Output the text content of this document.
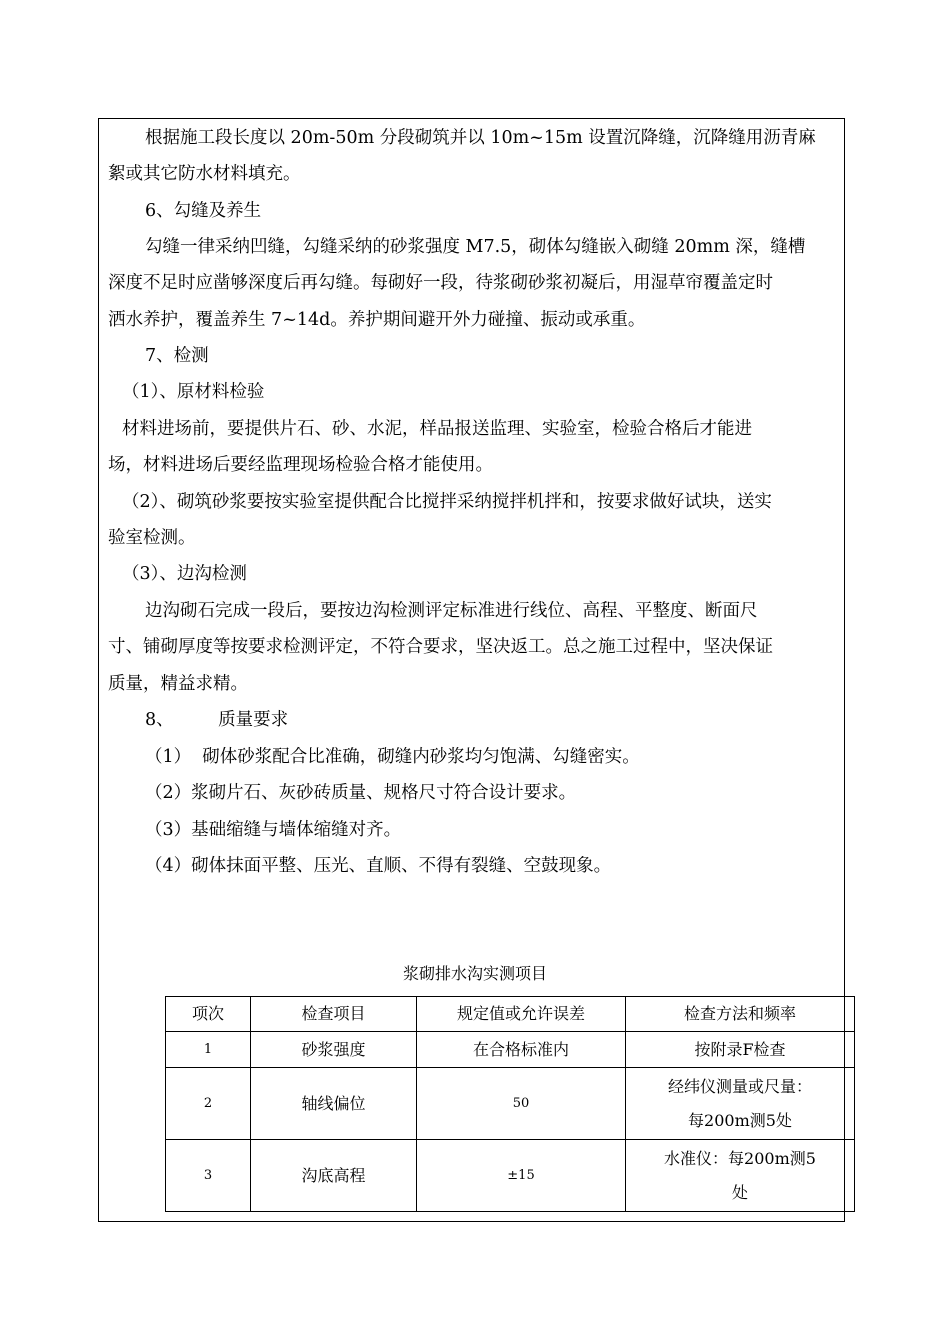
根据施工段长度以 20m-50m 分段砌筑并以 10m~15m 设置沉降缝，沉降缝用沥青麻
絮或其它防水材料填充。
6、勾缝及养生
勾缝一律采纳凹缝，勾缝采纳的砂浆强度 M7.5，砌体勾缝嵌入砌缝 20mm 深，缝槽
深度不足时应凿够深度后再勾缝。每砌好一段，待浆砌砂浆初凝后，用湿草帘覆盖定时
洒水养护，覆盖养生 7~14d。养护期间避开外力碰撞、振动或承重。
7、检测
（1）、原材料检验
材料进场前，要提供片石、砂、水泥，样品报送监理、实验室，检验合格后才能进
场，材料进场后要经监理现场检验合格才能使用。
（2）、砌筑砂浆要按实验室提供配合比搅拌采纳搅拌机拌和，按要求做好试块，送实
验室检测。
（3）、边沟检测
边沟砌石完成一段后，要按边沟检测评定标准进行线位、高程、平整度、断面尺
寸、铺砌厚度等按要求检测评定，不符合要求，坚决返工。总之施工过程中，坚决保证
质量，精益求精。
8、        质量要求
（1）  砌体砂浆配合比准确，砌缝内砂浆均匀饱满、勾缝密实。
（2）浆砌片石、灰砂砖质量、规格尺寸符合设计要求。
（3）基础缩缝与墙体缩缝对齐。
（4）砌体抹面平整、压光、直顺、不得有裂缝、空鼓现象。
浆砌排水沟实测项目
项次	检查项目	规定值或允许误差	检查方法和频率
1	砂浆强度	在合格标准内	按附录F检查
2	轴线偏位	50	经纬仪测量或尺量：
每200m测5处

3	沟底高程	±15	水准仪：每200m测5
处
